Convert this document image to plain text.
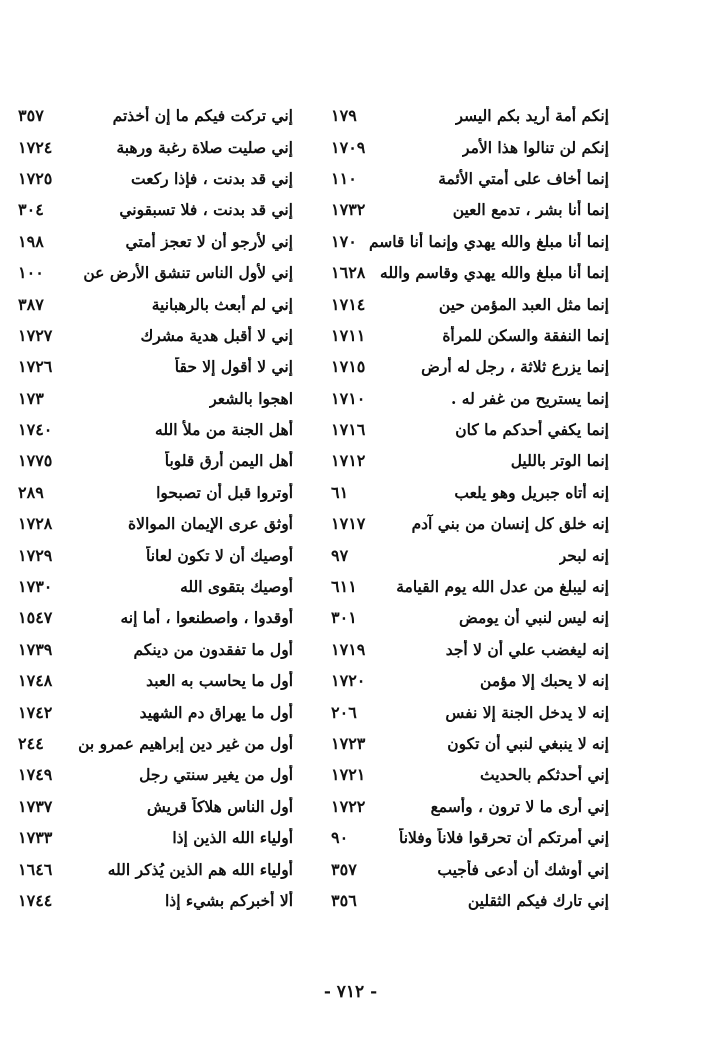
إنكم أمة أريد بكم اليسر
١٧٩
إنكم لن تنالوا هذا الأمر
١٧٠٩
إنما أخاف على أمتي الأئمة
١١٠
إنما أنا بشر ، تدمع العين
١٧٣٢
إنما أنا مبلغ والله يهدي وإنما أنا قاسم
١٧٠
إنما أنا مبلغ والله يهدي وقاسم والله
١٦٢٨
إنما مثل العبد المؤمن حين
١٧١٤
إنما النفقة والسكن للمرأة
١٧١١
إنما يزرع ثلاثة ، رجل له أرض
١٧١٥
إنما يستريح من غفر له .
١٧١٠
إنما يكفي أحدكم ما كان
١٧١٦
إنما الوتر بالليل
١٧١٢
إنه أتاه جبريل وهو يلعب
٦١
إنه خلق كل إنسان من بني آدم
١٧١٧
إنه لبحر
٩٧
إنه ليبلغ من عدل الله يوم القيامة
٦١١
إنه ليس لنبي أن يومض
٣٠١
إنه ليغضب علي أن لا أجد
١٧١٩
إنه لا يحبك إلا مؤمن
١٧٢٠
إنه لا يدخل الجنة إلا نفس
٢٠٦
إنه لا ينبغي لنبي أن تكون
١٧٢٣
إني أحدثكم بالحديث
١٧٢١
إني أرى ما لا ترون ، وأسمع
١٧٢٢
إني أمرتكم أن تحرقوا فلاناً وفلاناً
٩٠
إني أوشك أن أدعى فأجيب
٣٥٧
إني تارك فيكم الثقلين
٣٥٦
إني تركت فيكم ما إن أخذتم
٣٥٧
إني صليت صلاة رغبة ورهبة
١٧٢٤
إني قد بدنت ، فإذا ركعت
١٧٢٥
إني قد بدنت ، فلا تسبقوني
٣٠٤
إني لأرجو أن لا تعجز أمتي
١٩٨
إني لأول الناس تنشق الأرض عن
١٠٠
إني لم أبعث بالرهبانية
٣٨٧
إني لا أقبل هدية مشرك
١٧٢٧
إني لا أقول إلا حقاً
١٧٢٦
اهجوا بالشعر
١٧٣
أهل الجنة من ملأ الله
١٧٤٠
أهل اليمن أرق قلوباً
١٧٧٥
أوتروا قبل أن تصبحوا
٢٨٩
أوثق عرى الإيمان الموالاة
١٧٢٨
أوصيك أن لا تكون لعاناً
١٧٢٩
أوصيك بتقوى الله
١٧٣٠
أوقدوا ، واصطنعوا ، أما إنه
١٥٤٧
أول ما تفقدون من دينكم
١٧٣٩
أول ما يحاسب به العبد
١٧٤٨
أول ما يهراق دم الشهيد
١٧٤٢
أول من غير دين إبراهيم عمرو بن
٢٤٤
أول من يغير سنتي رجل
١٧٤٩
أول الناس هلاكاً قريش
١٧٣٧
أولياء الله الذين إذا
١٧٣٣
أولياء الله هم الذين يُذكر الله
١٦٤٦
ألا أخبركم بشيء إذا
١٧٤٤
- ٧١٢ -
